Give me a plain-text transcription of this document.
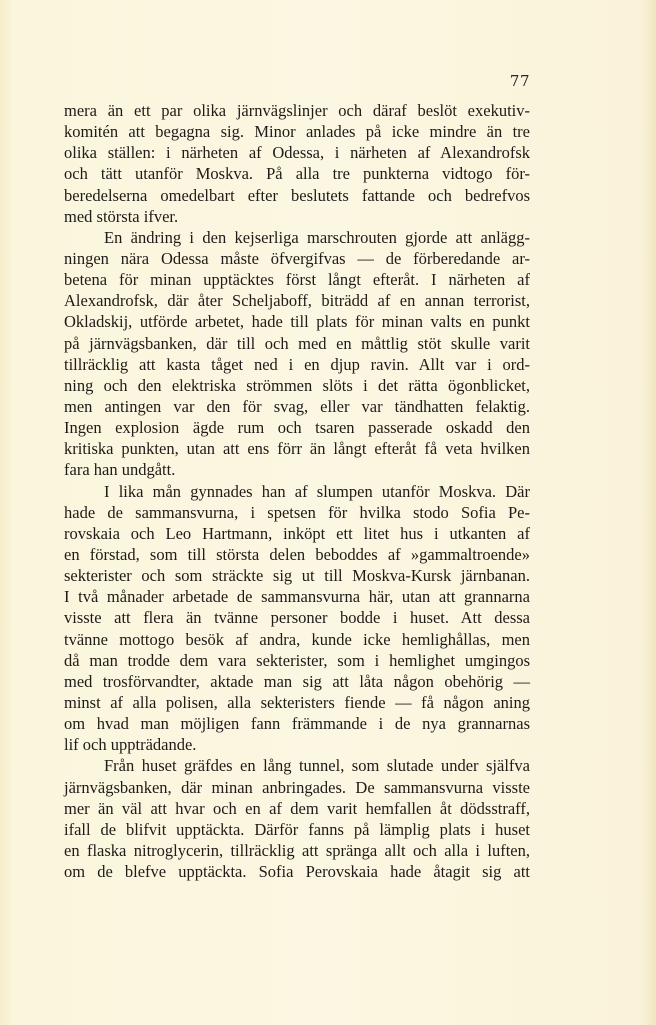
77
mera än ett par olika järnvägslinjer och däraf beslöt exekutiv-
komitén att begagna sig. Minor anlades på icke mindre än tre
olika ställen: i närheten af Odessa, i närheten af Alexandrofsk
och tätt utanför Moskva. På alla tre punkterna vidtogo för-
beredelserna omedelbart efter beslutets fattande och bedrefvos
med största ifver.
En ändring i den kejserliga marschrouten gjorde att anlägg-
ningen nära Odessa måste öfvergifvas — de förberedande ar-
betena för minan upptäcktes först långt efteråt. I närheten af
Alexandrofsk, där åter Scheljaboff, biträdd af en annan terrorist,
Okladskij, utförde arbetet, hade till plats för minan valts en punkt
på järnvägsbanken, där till och med en måttlig stöt skulle varit
tillräcklig att kasta tåget ned i en djup ravin. Allt var i ord-
ning och den elektriska strömmen slöts i det rätta ögonblicket,
men antingen var den för svag, eller var tändhatten felaktig.
Ingen explosion ägde rum och tsaren passerade oskadd den
kritiska punkten, utan att ens förr än långt efteråt få veta hvilken
fara han undgått.
I lika mån gynnades han af slumpen utanför Moskva. Där
hade de sammansvurna, i spetsen för hvilka stodo Sofia Pe-
rovskaia och Leo Hartmann, inköpt ett litet hus i utkanten af
en förstad, som till största delen beboddes af »gammaltroende»
sekterister och som sträckte sig ut till Moskva-Kursk järnbanan.
I två månader arbetade de sammansvurna här, utan att grannarna
visste att flera än tvänne personer bodde i huset. Att dessa
tvänne mottogo besök af andra, kunde icke hemlighållas, men
då man trodde dem vara sekterister, som i hemlighet umgingos
med trosförvandter, aktade man sig att låta någon obehörig —
minst af alla polisen, alla sekteristers fiende — få någon aning
om hvad man möjligen fann främmande i de nya grannarnas
lif och uppträdande.
Från huset gräfdes en lång tunnel, som slutade under själfva
järnvägsbanken, där minan anbringades. De sammansvurna visste
mer än väl att hvar och en af dem varit hemfallen åt dödsstraff,
ifall de blifvit upptäckta. Därför fanns på lämplig plats i huset
en flaska nitroglycerin, tillräcklig att spränga allt och alla i luften,
om de blefve upptäckta. Sofia Perovskaia hade åtagit sig att
